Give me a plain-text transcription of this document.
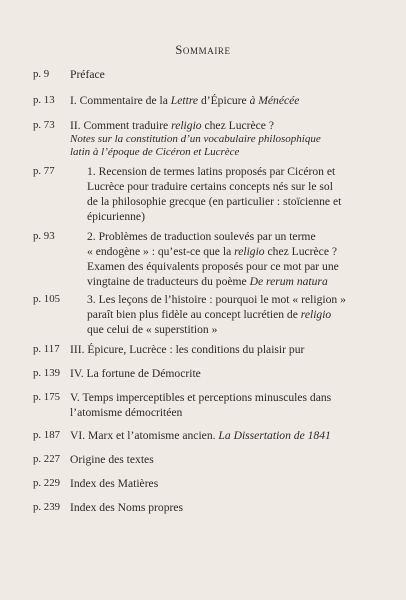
Sommaire
p. 9	Préface
p. 13	I. Commentaire de la Lettre d’Épicure à Ménécée
p. 73	II. Comment traduire religio chez Lucrèce ?
Notes sur la constitution d’un vocabulaire philosophique
latin à l’époque de Cicéron et Lucrèce
p. 77	1. Recension de termes latins proposés par Cicéron et
Lucrèce pour traduire certains concepts nés sur le sol
de la philosophie grecque (en particulier : stoïcienne et
épicurienne)
p. 93	2. Problèmes de traduction soulevés par un terme
« endogène » : qu’est-ce que la religio chez Lucrèce ?
Examen des équivalents proposés pour ce mot par une
vingtaine de traducteurs du poème De rerum natura
p. 105	3. Les leçons de l’histoire : pourquoi le mot « religion »
paraît bien plus fidèle au concept lucrétien de religio
que celui de « superstition »
p. 117 III. Épicure, Lucrèce : les conditions du plaisir pur
p. 139 IV. La fortune de Démocrite
p. 175 V. Temps imperceptibles et perceptions minuscules dans
l’atomisme démocritéen
p. 187 VI. Marx et l’atomisme ancien. La Dissertation de 1841
p. 227 Origine des textes
p. 229 Index des Matières
p. 239 Index des Noms propres
